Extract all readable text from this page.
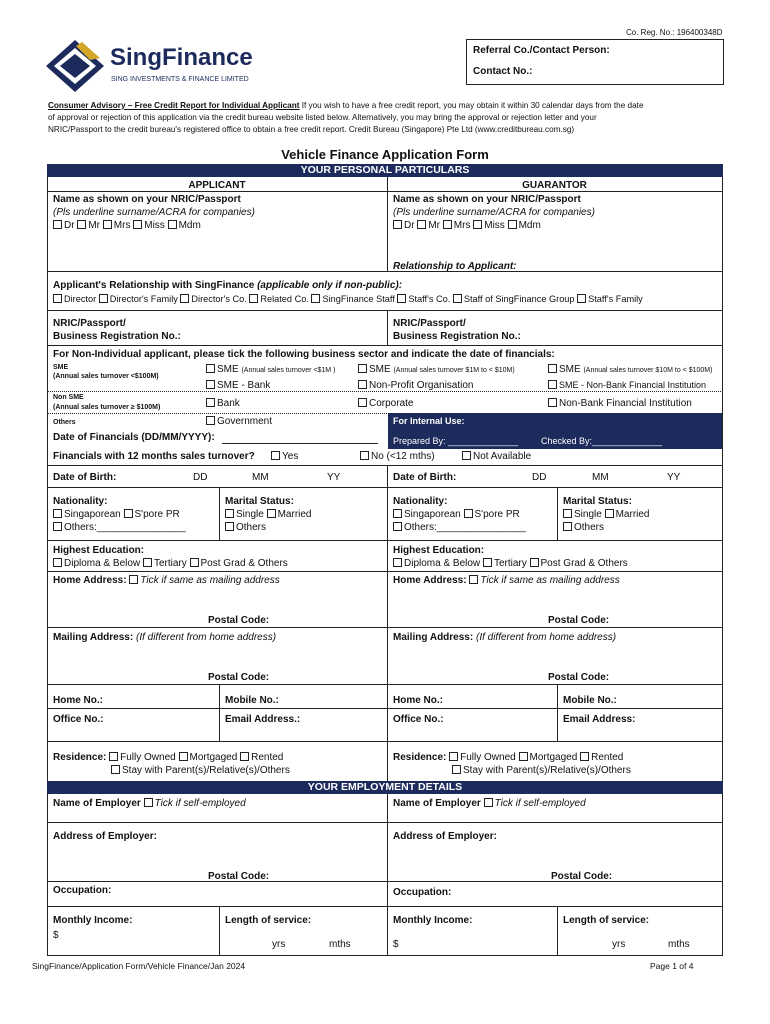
Co. Reg. No.: 196400348D
SingFinance
SING INVESTMENTS & FINANCE LIMITED
Referral Co./Contact Person:
Contact No.:
Consumer Advisory – Free Credit Report for Individual Applicant If you wish to have a free credit report, you may obtain it within 30 calendar days from the date
of approval or rejection of this application via the credit bureau website listed below. Alternatively, you may bring the approval or rejection letter and your
NRIC/Passport to the credit bureau's registered office to obtain a free credit report. Credit Bureau (Singapore) Pte Ltd (www.creditbureau.com.sg)
Vehicle Finance Application Form
YOUR PERSONAL PARTICULARS
APPLICANT	GUARANTOR
Name as shown on your NRIC/Passport
(Pls underline surname/ACRA for companies)
Dr Mr Mrs Miss Mdm
Name as shown on your NRIC/Passport
(Pls underline surname/ACRA for companies)
Dr Mr Mrs Miss Mdm
Relationship to Applicant:
Applicant's Relationship with SingFinance (applicable only if non-public):
Director Director's Family Director's Co. Related Co. SingFinance Staff Staff's Co. Staff of SingFinance Group Staff's Family
NRIC/Passport/
Business Registration No.:
NRIC/Passport/
Business Registration No.:
For Non-Individual applicant, please tick the following business sector and indicate the date of financials:
SME
(Annual sales turnover <$100M)
SME (Annual sales turnover <$1M )	SME (Annual sales turnover $1M to < $10M)	SME (Annual sales turnover $10M to < $100M)
SME - Bank	Non-Profit Organisation	SME - Non-Bank Financial Institution
Non SME
(Annual sales turnover ≥ $100M)	Bank	Corporate	Non-Bank Financial Institution
Others	Government	For Internal Use:
Prepared By: ______________	Checked By:______________
Date of Financials (DD/MM/YYYY):
Financials with 12 months sales turnover?	Yes	No (<12 mths)	Not Available
Date of Birth:	DD	MM	YY	Date of Birth:	DD	MM	YY
Nationality:
Singaporean S'pore PR
Others:________________
Marital Status:
Single Married
Others
Nationality:
Singaporean S'pore PR
Others:________________
Marital Status:
Single Married
Others
Highest Education:
Diploma & Below Tertiary Post Grad & Others
Highest Education:
Diploma & Below Tertiary Post Grad & Others
Home Address: Tick if same as mailing address
Postal Code:
Home Address: Tick if same as mailing address
Postal Code:
Mailing Address: (If different from home address)
Postal Code:
Mailing Address: (If different from home address)
Postal Code:
Home No.:	Mobile No.:	Home No.:	Mobile No.:
Office No.:	Email Address.:	Office No.:	Email Address:
Residence: Fully Owned Mortgaged Rented
Stay with Parent(s)/Relative(s)/Others
Residence: Fully Owned Mortgaged Rented
Stay with Parent(s)/Relative(s)/Others
YOUR EMPLOYMENT DETAILS
Name of Employer Tick if self-employed	Name of Employer Tick if self-employed
Address of Employer:
Postal Code:
Address of Employer:
Postal Code:
Occupation:	Occupation:
Monthly Income:
$
Length of service:
yrs	mths
Monthly Income:
$
Length of service:
yrs	mths
SingFinance/Application Form/Vehicle Finance/Jan 2024	Page 1 of 4
